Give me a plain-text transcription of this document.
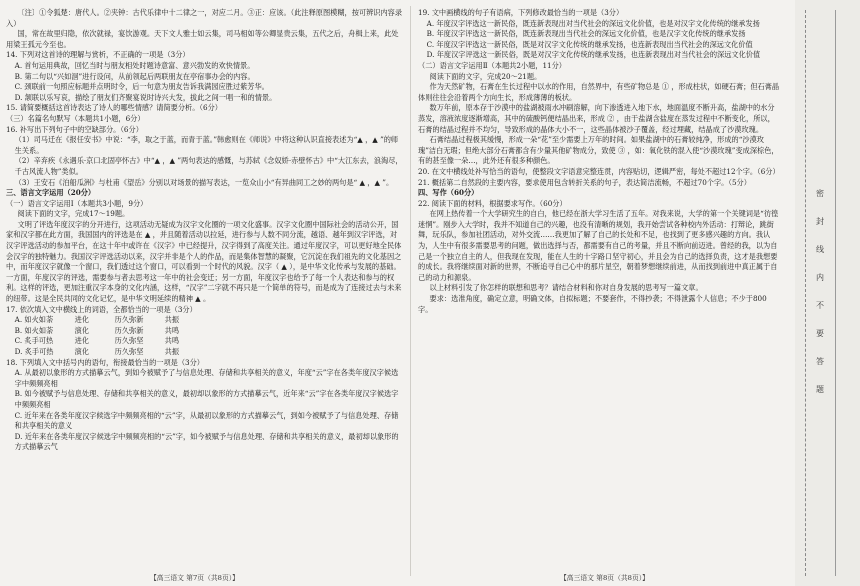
〔注〕①令狐楚：唐代人。②夹钟：古代乐律中十二律之一，对应二月。③正：应该。（此注释原图模糊，按可辨识内容录入）

国，常在故里归隐，依次就禄，宴饮游观。天下文人雅士如云集，司马相如等公卿显贵云集，五代之后，舟楫上来，此处用梁王孤元今至也。

14. 下列对这首诗的理解与赏析，不正确的一项是（3分）

A. 首句运用典故，回忆当时与朋友相处时题诗意富、意兴勃发的欢快情景。

B. 第二句以“兴如洄”进行设问，从前领起后两联朋友在亭宿事办会的内容。

C. 颈联前一句照应标题并点明时令，后一句意为朋友告诉我满园应胜过紫芳华。

D. 颔联以乐写哀，描绘了朋友们齐聚宴说时诗兴大发，拔此之间一唱一和的情景。

15. 请简要概括这首诗表达了诗人的哪些情感？请简要分析。（6分）

（三）名篇名句默写（本题共1小题，6分）

16. 补写出下列句子中的空缺部分。（6分）

（1）司马迁在《报任安书》中说：“李，取之于蓝，而青于蓝。”韩愈则在《师说》中将这种认识直接表述为“▲ ，▲ ”的师生关系。

（2）辛弃疾《永遇乐·京口北固亭怀古》中“▲ ，▲ ”两句表达的感慨，与苏轼《念奴娇·赤壁怀古》中“大江东去，浪淘尽，千古风流人物”类似。

（3）王安石《泊船瓜洲》与杜甫《望岳》分别以对场景的描写表达，一览众山小“有异曲同工之妙的两句是“ ▲ ，▲ ”。

三、语言文字运用（20分）

（一）语言文字运用Ⅰ（本题共3小题，9分）

阅读下面的文字，完成17～19题。

文明了评选年度汉字的分开进行，这项活动无疑成为汉字文化圈的一项文化盛事。汉字文化圈中国际社会的活动公开，国家和汉字都在此方面，我国国内的评选是在 ▲ ，并且随着活动以拉延，进行参与人数不同分流，越语、越年到汉字评选，对汉字评选活动的参加平台，在这十年中或许在《汉字》中已经提升，汉字得到了高度关注。通过年度汉字，可以更好地全民体会汉字的独特魅力。我国汉字评选活动以来，汉字并非是个人的作品，而是集体智慧的凝聚，它沉淀在我们祖先的文化基因之中，而年度汉字就像一个窗口，我们透过这个窗口，可以看到一个时代的风貌。汉字（ ▲ ），是中华文化传承与发展的基础。一方面，年度汉字的评选，需要参与者去思考这一年中的社会变迁；另一方面，年度汉字也给予了每一个人表达和参与的权利。这样的评选，更加注重汉字本身的文化内涵，这样，“汉字”二字就不再只是一个简单的符号，而是成为了连接过去与未来的纽带。这是全民共同的文化记忆，是中华文明延续的精神 ▲ 。

17. 依次填入文中横线上的词语，全都恰当的一项是（3分）

A. 如火如荼	进化	历久弥新	共振
B. 如火如荼	演化	历久弥新	共鸣
C. 炙手可热	进化	历久弥坚	共鸣
D. 炙手可热	演化	历久弥坚	共振

18. 下列填入文中括号内的语句，衔接最恰当的一项是（3分）

A. 从最初以象形的方式描摹云气，到如今被赋予了与信息处理、存储和共享相关的意义，年度“云”字在各类年度汉字候选字中频频亮相

B. 如今被赋予与信息处理、存储和共享相关的意义，最初却以象形的方式描摹云气，近年来“云”字在各类年度汉字候选字中频频亮相

C. 近年来在各类年度汉字候选字中频频亮相的“云”字，从最初以象形的方式描摹云气，到如今被赋予了与信息处理、存储和共享相关的意义

D. 近年来在各类年度汉字候选字中频频亮相的“云”字，如今被赋予与信息处理、存储和共享相关的意义，最初却以象形的方式描摹云气

19. 文中画横线的句子有语病，下列修改最恰当的一项是（3分）

A. 年度汉字评选这一新民俗，既连新表现出对当代社会的深远文化价值，也是对汉字文化传统的继承发扬

B. 年度汉字评选这一新民俗，既连新表现出当代社会的深远文化价值，也是汉字文化传统的继承发扬

C. 年度汉字评选这一新民俗，既是对汉字文化传统的继承发扬，也连新表现出当代社会的深远文化价值

D. 年度汉字评选这一新民俗，既是对汉字文化传统的继承发扬，也连新表现出对当代社会的深远文化价值

（二）语言文字运用Ⅱ（本题共2小题，11分）

阅读下面的文字，完成20～21题。

作为天然矿物，石膏在生长过程中以水的作用，自然界中，有些矿物总是 ① ，形成柱状，如硬石膏；但石膏晶体则往往会沿着两个方向生长，形成薄薄的板状。

数万年前，原本存于沙漠中的盐湖被雨水冲刷溶解，向下渗透进入地下水，地面温度不断升高，盐湖中的水分蒸发，溶液浓度逐渐增高，其中的硫酸钙便结晶出来，形成 ② ，由于盐湖含盐度在蒸发过程中不断变化，所以，石膏的结晶过程并不均匀，导致形成的晶体大小不一，这些晶体被沙子覆盖，经过埋藏，结晶成了沙漠玫瑰。

石膏结晶过程极其缓慢，形成一朵“花”至少需要上万年的时间。如果盐湖中的石膏较纯净，形成的“沙漠玫瑰”洁白无瑕；但绝大部分石膏都含有少量其他矿物成分，致使 ③ ，如：氧化铁的混入使“沙漠玫瑰”变成深棕色，有的甚至像一朵…，此外还有很多种颜色。

20. 在文中横线处补写恰当的语句，使整段文字语意完整连贯，内容贴切，逻辑严密，每处不超过12个字。（6分）

21. 概括第二自然段的主要内容，要求使用包含转折关系的句子，表达简洁流畅，不超过70个字。（5分）

四、写作（60分）

22. 阅读下面的材料，根据要求写作。（60分）

在网上热传着一个大学研究生的自白，他已经在浙大学习生活了五年。对我来说，大学的第一个关键词是“彷徨迷惘”。刚步入大学时，我并不知道自己的兴趣，也没有清晰的规划，我开始尝试各种校内外活动：打辩论，跳街舞，玩乐队，参加社团活动，对外交流……我更加了解了自己的长处和不足，也找到了更多感兴趣的方向。我认为，人生中有很多需要思考的问题，做出选择与否，都需要有自己的考量，并且不断向前迈进。曾经的我，以为自己是一个独立自主的人，但我现在发现，能在人生的十字路口坚守初心，并且会为自己的选择负责，这才是我想要的成长。我将继续面对新的世界，不断追寻自己心中的那片星空，朝着梦想继续前进，从而找到前进中真正属于自己的动力和源泉。

以上材料引发了你怎样的联想和思考？请结合材料和你对自身发展的思考写一篇文章。

要求：选准角度，确定立意，明确文体，自拟标题；不要套作，不得抄袭；不得泄露个人信息；不少于800字。

【高三语文 第7页（共8页）】	【高三语文 第8页（共8页）】
密
封
线
内
不
要
答
题
